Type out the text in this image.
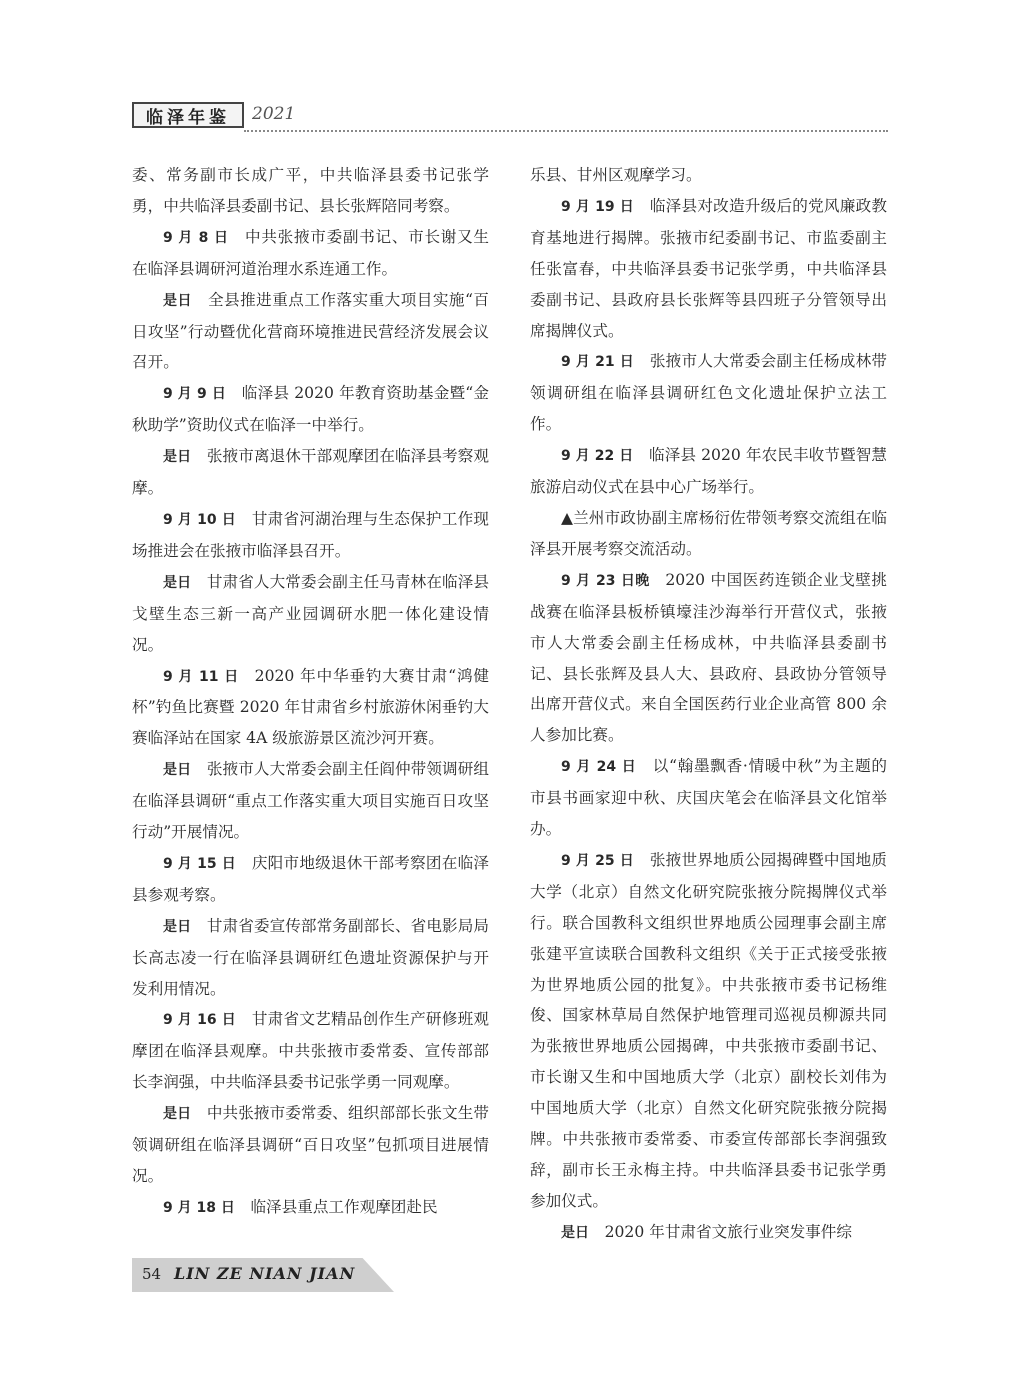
临泽年鉴 2021

委、常务副市长成广平，中共临泽县委书记张学勇，中共临泽县委副书记、县长张辉陪同考察。

9 月 8 日  中共张掖市委副书记、市长谢又生在临泽县调研河道治理水系连通工作。

是日  全县推进重点工作落实重大项目实施“百日攻坚”行动暨优化营商环境推进民营经济发展会议召开。

9 月 9 日  临泽县 2020 年教育资助基金暨“金秋助学”资助仪式在临泽一中举行。

是日  张掖市离退休干部观摩团在临泽县考察观摩。

9 月 10 日  甘肃省河湖治理与生态保护工作现场推进会在张掖市临泽县召开。

是日  甘肃省人大常委会副主任马青林在临泽县戈壁生态三新一高产业园调研水肥一体化建设情况。

9 月 11 日  2020 年中华垂钓大赛甘肃“鸿健杯”钓鱼比赛暨 2020 年甘肃省乡村旅游休闲垂钓大赛临泽站在国家 4A 级旅游景区流沙河开赛。

是日  张掖市人大常委会副主任阎仲带领调研组在临泽县调研“重点工作落实重大项目实施百日攻坚行动”开展情况。

9 月 15 日  庆阳市地级退休干部考察团在临泽县参观考察。

是日  甘肃省委宣传部常务副部长、省电影局局长高志凌一行在临泽县调研红色遗址资源保护与开发利用情况。

9 月 16 日  甘肃省文艺精品创作生产研修班观摩团在临泽县观摩。中共张掖市委常委、宣传部部长李润强，中共临泽县委书记张学勇一同观摩。

是日  中共张掖市委常委、组织部部长张文生带领调研组在临泽县调研“百日攻坚”包抓项目进展情况。

9 月 18 日  临泽县重点工作观摩团赴民

乐县、甘州区观摩学习。

9 月 19 日  临泽县对改造升级后的党风廉政教育基地进行揭牌。张掖市纪委副书记、市监委副主任张富春，中共临泽县委书记张学勇，中共临泽县委副书记、县政府县长张辉等县四班子分管领导出席揭牌仪式。

9 月 21 日  张掖市人大常委会副主任杨成林带领调研组在临泽县调研红色文化遗址保护立法工作。

9 月 22 日  临泽县 2020 年农民丰收节暨智慧旅游启动仪式在县中心广场举行。

▲兰州市政协副主席杨衍佐带领考察交流组在临泽县开展考察交流活动。

9 月 23 日晚  2020 中国医药连锁企业戈壁挑战赛在临泽县板桥镇壕洼沙海举行开营仪式，张掖市人大常委会副主任杨成林，中共临泽县委副书记、县长张辉及县人大、县政府、县政协分管领导出席开营仪式。来自全国医药行业企业高管 800 余人参加比赛。

9 月 24 日  以“翰墨飘香·情暖中秋”为主题的市县书画家迎中秋、庆国庆笔会在临泽县文化馆举办。

9 月 25 日  张掖世界地质公园揭碑暨中国地质大学（北京）自然文化研究院张掖分院揭牌仪式举行。联合国教科文组织世界地质公园理事会副主席张建平宣读联合国教科文组织《关于正式接受张掖为世界地质公园的批复》。中共张掖市委书记杨维俊、国家林草局自然保护地管理司巡视员柳源共同为张掖世界地质公园揭碑，中共张掖市委副书记、市长谢又生和中国地质大学（北京）副校长刘伟为中国地质大学（北京）自然文化研究院张掖分院揭牌。中共张掖市委常委、市委宣传部部长李润强致辞，副市长王永梅主持。中共临泽县委书记张学勇参加仪式。

是日  2020 年甘肃省文旅行业突发事件综

54 LIN ZE NIAN JIAN
